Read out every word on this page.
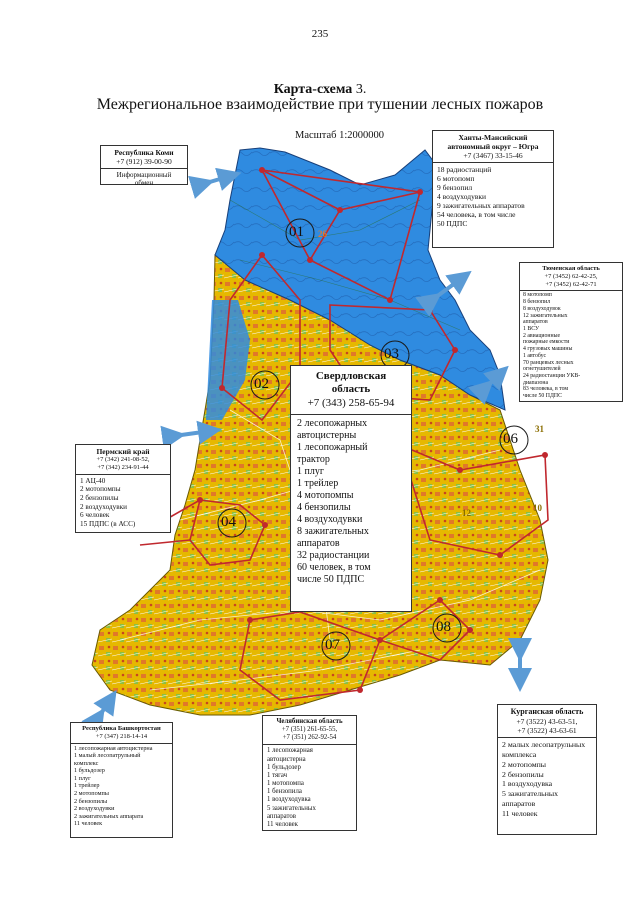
235
Карта-схема 3.
Межрегиональное взаимодействие при тушении лесных пожаров
Масштаб 1:2000000
01
02
03
04
06
07
08
26
31
12	10
Республика Коми
+7 (912) 39-00-90
Информационный
обмен
Ханты-Мансийский
автономный округ – Югра
+7 (3467) 33-15-46
18 радиостанций
6 мотопомп
9 бензопил
4 воздуходувки
9 зажигательных аппаратов
54 человека, в том числе
50 ПДПС
Тюменская область
+7 (3452) 62-42-25,
+7 (3452) 62-42-71
8 мотопомп
8 бензопил
8 воздуходувок
12 зажигательных
аппаратов
1 ВСУ
2 авиационные
пожарные емкости
4 грузовых машины
1 автобус
70 ранцевых лесных
огнетушителей
24 радиостанции УКВ-
диапазона
83 человека, в том
числе 50 ПДПС
Свердловская
область
+7 (343) 258-65-94
2 лесопожарных
автоцистерны
1 лесопожарный
трактор
1 плуг
1 трейлер
4 мотопомпы
4 бензопилы
4 воздуходувки
8 зажигательных
аппаратов
32 радиостанции
60 человек, в том
числе 50 ПДПС
Пермский край
+7 (342) 241-08-52,
+7 (342) 234-91-44
1 АЦ-40
2 мотопомпы
2 бензопилы
2 воздуходувки
6 человек
15 ПДПС (в АСС)
Республика Башкортостан
+7 (347) 218-14-14
1 лесопожарная автоцистерна
1 малый лесопатрульный
комплекс
1 бульдозер
1 плуг
1 трейлер
2 мотопомпы
2 бензопилы
2 воздуходувки
2 зажигательных аппарата
11 человек
Челябинская область
+7 (351) 261-65-55,
+7 (351) 262-92-54
1 лесопожарная
автоцистерна
1 бульдозер
1 тягач
1 мотопомпа
1 бензопила
1 воздуходувка
5 зажигательных
аппаратов
11 человек
Курганская область
+7 (3522) 43-63-51,
+7 (3522) 43-63-61
2 малых лесопатрульных
комплекса
2 мотопомпы
2 бензопилы
1 воздуходувка
5 зажигательных
аппаратов
11 человек
